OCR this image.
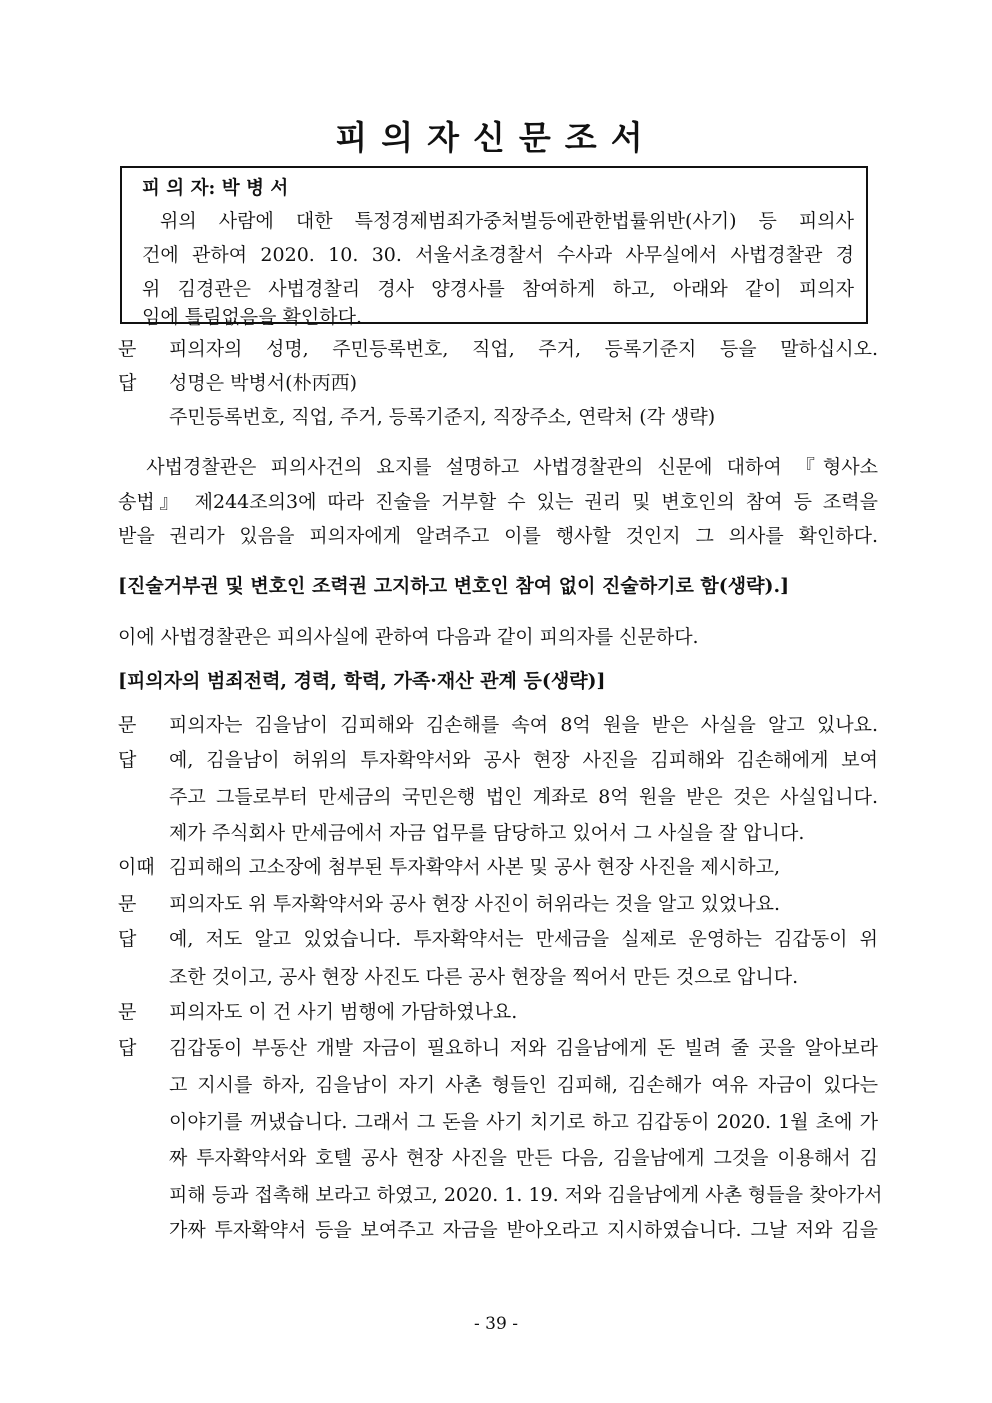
피의자신문조서
피 의 자: 박 병 서
위의 사람에 대한 특정경제범죄가중처벌등에관한법률위반(사기) 등 피의사
건에 관하여 2020. 10. 30. 서울서초경찰서 수사과 사무실에서 사법경찰관 경
위 김경관은 사법경찰리 경사 양경사를 참여하게 하고, 아래와 같이 피의자
임에 틀림없음을 확인하다.
문 피의자의 성명, 주민등록번호, 직업, 주거, 등록기준지 등을 말하십시오.
답 성명은 박병서(朴丙西)
주민등록번호, 직업, 주거, 등록기준지, 직장주소, 연락처 (각 생략)
사법경찰관은 피의사건의 요지를 설명하고 사법경찰관의 신문에 대하여 『형사소
송법』 제244조의3에 따라 진술을 거부할 수 있는 권리 및 변호인의 참여 등 조력을
받을 권리가 있음을 피의자에게 알려주고 이를 행사할 것인지 그 의사를 확인하다.
[진술거부권 및 변호인 조력권 고지하고 변호인 참여 없이 진술하기로 함(생략).]
이에 사법경찰관은 피의사실에 관하여 다음과 같이 피의자를 신문하다.
[피의자의 범죄전력, 경력, 학력, 가족·재산 관계 등(생략)]
문 피의자는 김을남이 김피해와 김손해를 속여 8억 원을 받은 사실을 알고 있나요.
답 예, 김을남이 허위의 투자확약서와 공사 현장 사진을 김피해와 김손해에게 보여
주고 그들로부터 만세금의 국민은행 법인 계좌로 8억 원을 받은 것은 사실입니다.
제가 주식회사 만세금에서 자금 업무를 담당하고 있어서 그 사실을 잘 압니다.
이때 김피해의 고소장에 첨부된 투자확약서 사본 및 공사 현장 사진을 제시하고,
문 피의자도 위 투자확약서와 공사 현장 사진이 허위라는 것을 알고 있었나요.
답 예, 저도 알고 있었습니다. 투자확약서는 만세금을 실제로 운영하는 김갑동이 위
조한 것이고, 공사 현장 사진도 다른 공사 현장을 찍어서 만든 것으로 압니다.
문 피의자도 이 건 사기 범행에 가담하였나요.
답 김갑동이 부동산 개발 자금이 필요하니 저와 김을남에게 돈 빌려 줄 곳을 알아보라
고 지시를 하자, 김을남이 자기 사촌 형들인 김피해, 김손해가 여유 자금이 있다는
이야기를 꺼냈습니다. 그래서 그 돈을 사기 치기로 하고 김갑동이 2020. 1월 초에 가
짜 투자확약서와 호텔 공사 현장 사진을 만든 다음, 김을남에게 그것을 이용해서 김
피해 등과 접촉해 보라고 하였고, 2020. 1. 19. 저와 김을남에게 사촌 형들을 찾아가서
가짜 투자확약서 등을 보여주고 자금을 받아오라고 지시하였습니다. 그날 저와 김을
- 39 -
